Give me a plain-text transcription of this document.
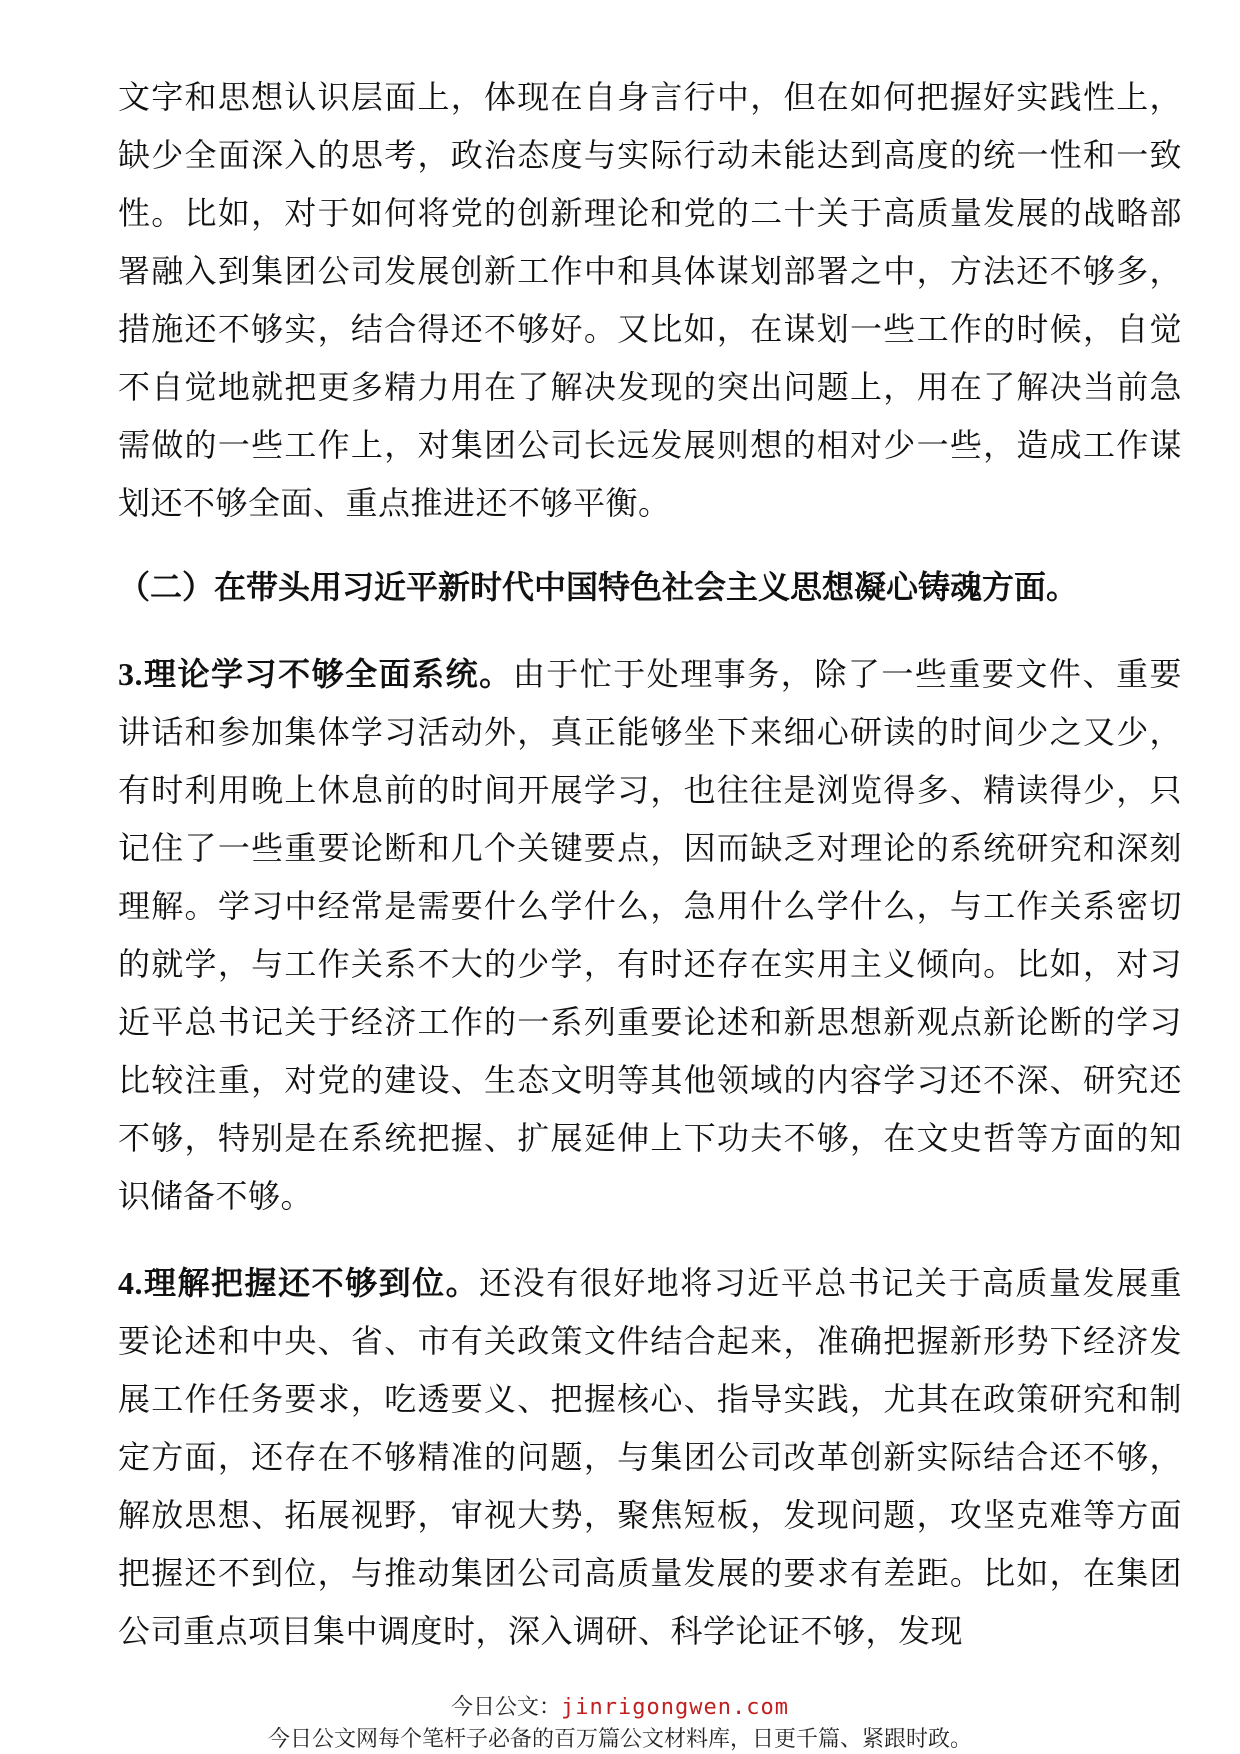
文字和思想认识层面上，体现在自身言行中，但在如何把握好实践性上，缺少全面深入的思考，政治态度与实际行动未能达到高度的统一性和一致性。比如，对于如何将党的创新理论和党的二十关于高质量发展的战略部署融入到集团公司发展创新工作中和具体谋划部署之中，方法还不够多，措施还不够实，结合得还不够好。又比如，在谋划一些工作的时候，自觉不自觉地就把更多精力用在了解决发现的突出问题上，用在了解决当前急需做的一些工作上，对集团公司长远发展则想的相对少一些，造成工作谋划还不够全面、重点推进还不够平衡。

（二）在带头用习近平新时代中国特色社会主义思想凝心铸魂方面。

3.理论学习不够全面系统。由于忙于处理事务，除了一些重要文件、重要讲话和参加集体学习活动外，真正能够坐下来细心研读的时间少之又少，有时利用晚上休息前的时间开展学习，也往往是浏览得多、精读得少，只记住了一些重要论断和几个关键要点，因而缺乏对理论的系统研究和深刻理解。学习中经常是需要什么学什么，急用什么学什么，与工作关系密切的就学，与工作关系不大的少学，有时还存在实用主义倾向。比如，对习近平总书记关于经济工作的一系列重要论述和新思想新观点新论断的学习比较注重，对党的建设、生态文明等其他领域的内容学习还不深、研究还不够，特别是在系统把握、扩展延伸上下功夫不够，在文史哲等方面的知识储备不够。

4.理解把握还不够到位。还没有很好地将习近平总书记关于高质量发展重要论述和中央、省、市有关政策文件结合起来，准确把握新形势下经济发展工作任务要求，吃透要义、把握核心、指导实践，尤其在政策研究和制定方面，还存在不够精准的问题，与集团公司改革创新实际结合还不够，解放思想、拓展视野，审视大势，聚焦短板，发现问题，攻坚克难等方面把握还不到位，与推动集团公司高质量发展的要求有差距。比如，在集团公司重点项目集中调度时，深入调研、科学论证不够，发现

今日公文：jinrigongwen.com
今日公文网每个笔杆子必备的百万篇公文材料库，日更千篇、紧跟时政。
